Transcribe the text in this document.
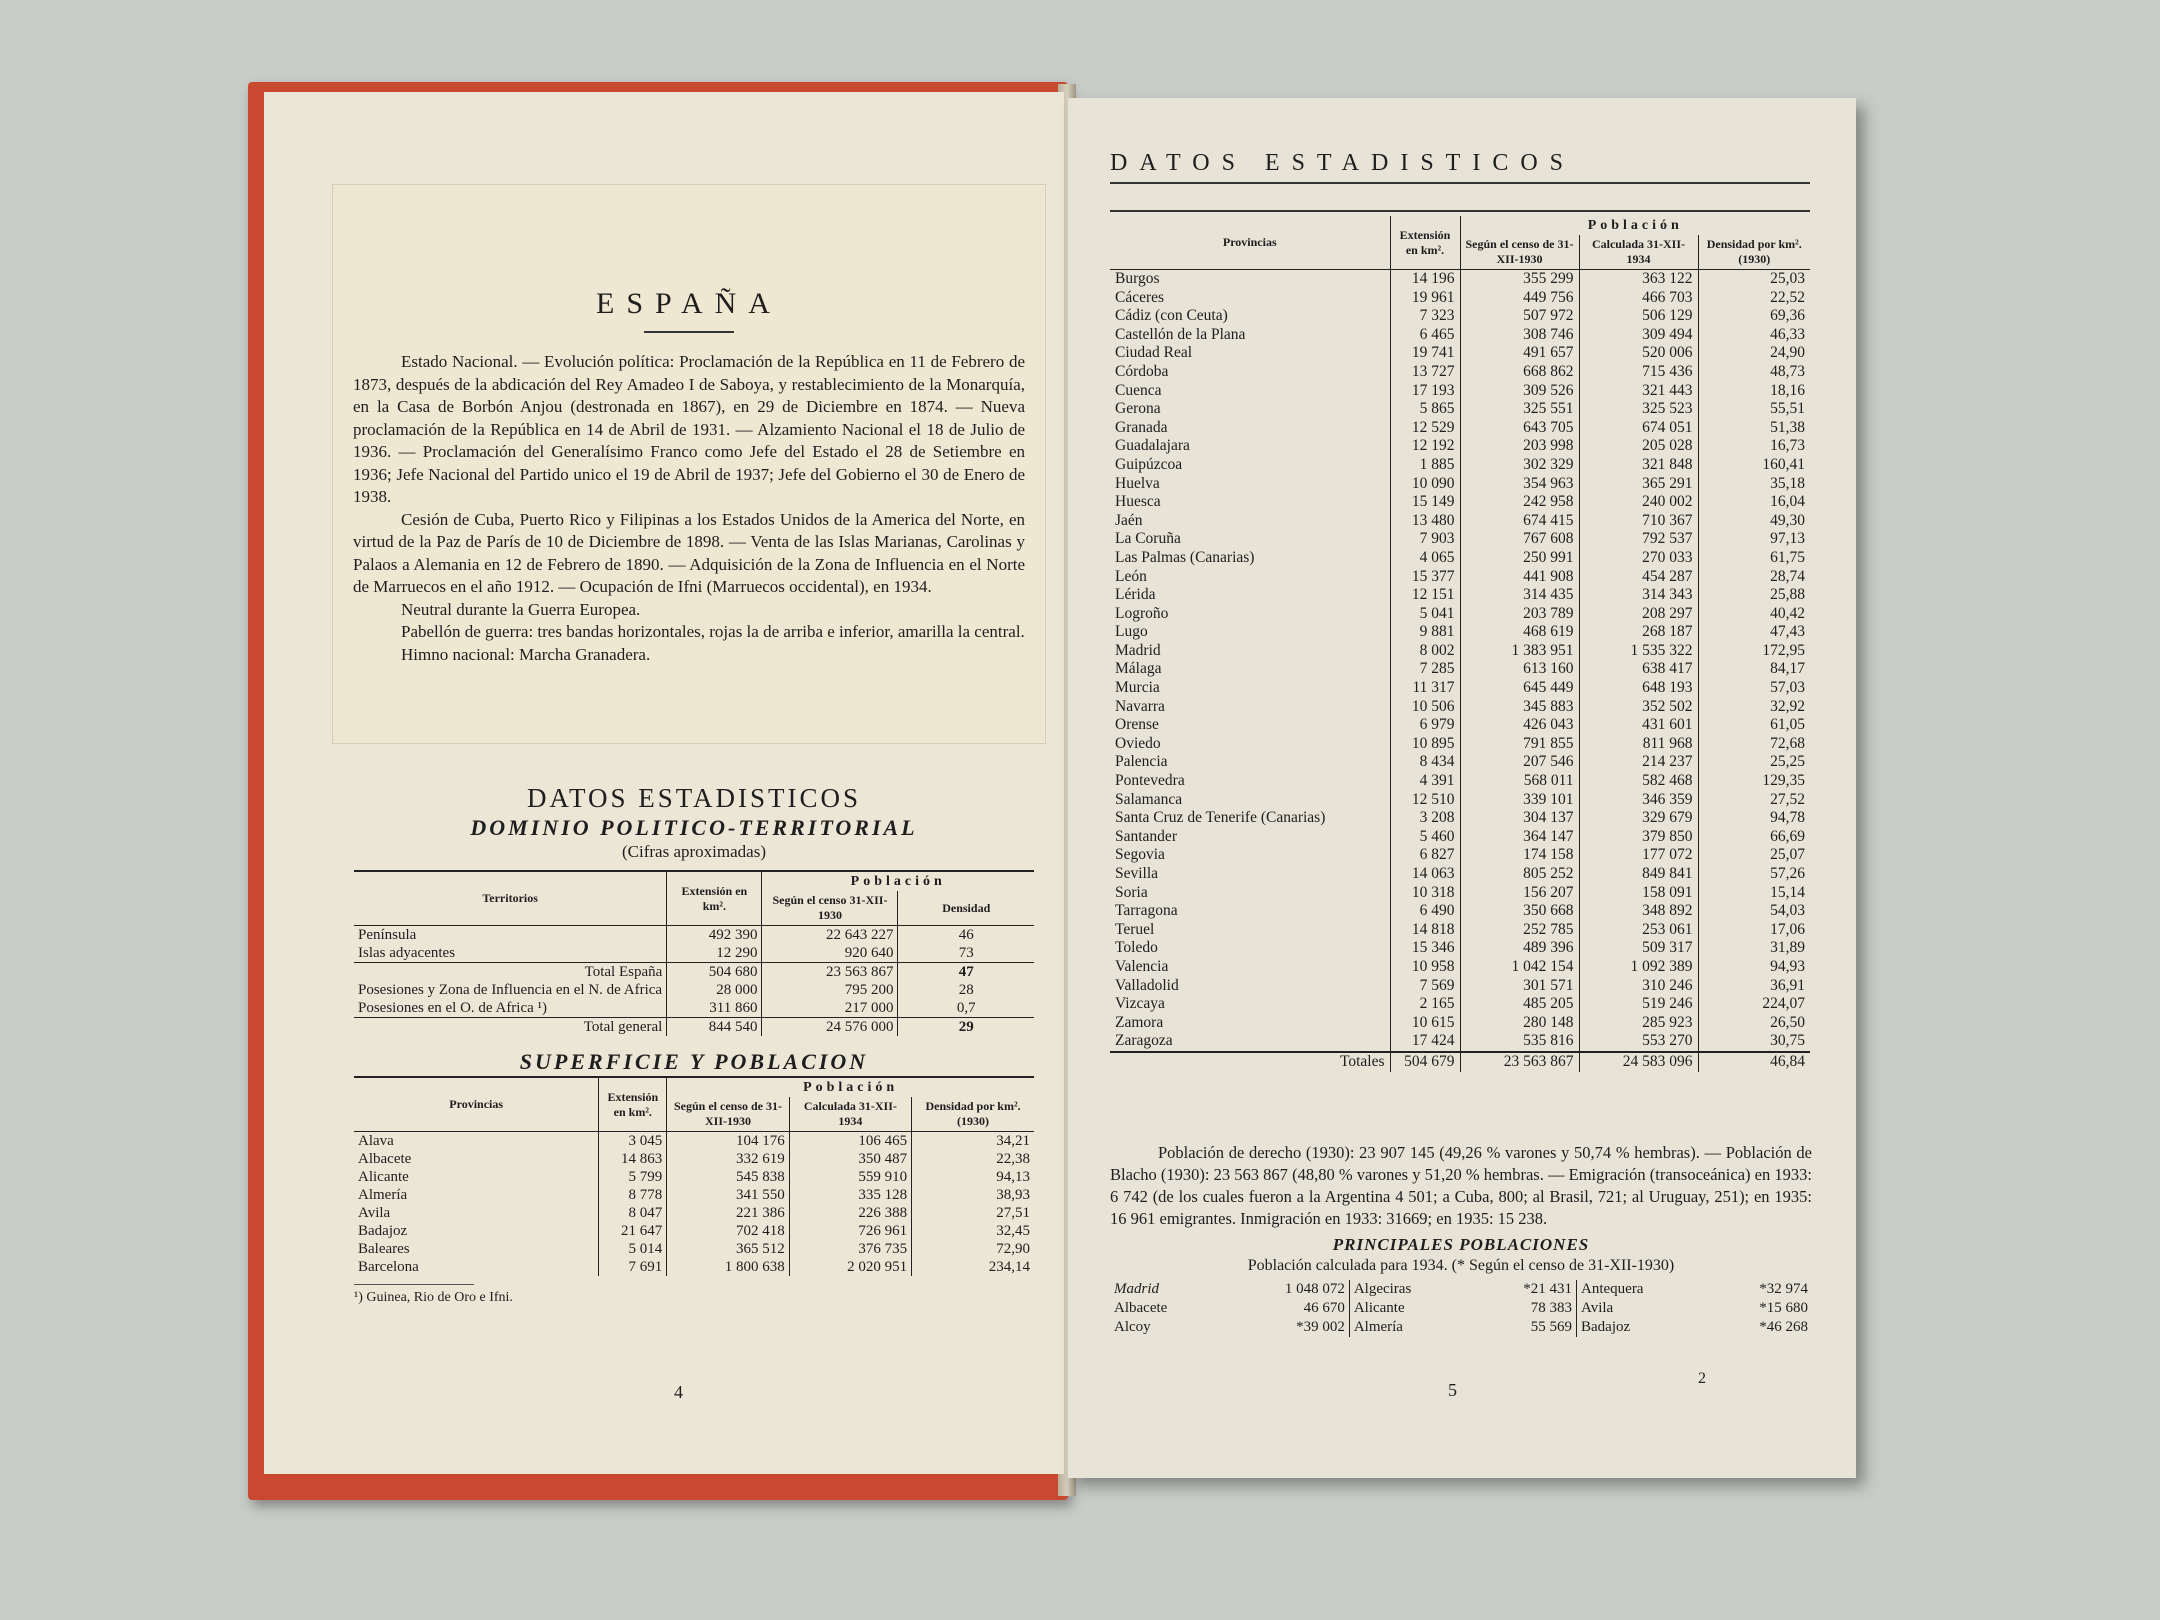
ESPAÑA

Estado Nacional. — Evolución política: Proclamación de la República en 11 de Febrero de 1873, después de la abdicación del Rey Amadeo I de Saboya, y restablecimiento de la Monarquía, en la Casa de Borbón Anjou (destronada en 1867), en 29 de Diciembre en 1874. — Nueva proclamación de la República en 14 de Abril de 1931. — Alzamiento Nacional el 18 de Julio de 1936. — Proclamación del Generalísimo Franco como Jefe del Estado el 28 de Setiembre en 1936; Jefe Nacional del Partido unico el 19 de Abril de 1937; Jefe del Gobierno el 30 de Enero de 1938.

Cesión de Cuba, Puerto Rico y Filipinas a los Estados Unidos de la America del Norte, en virtud de la Paz de París de 10 de Diciembre de 1898. — Venta de las Islas Marianas, Carolinas y Palaos a Alemania en 12 de Febrero de 1890. — Adquisición de la Zona de Influencia en el Norte de Marruecos en el año 1912. — Ocupación de Ifni (Marruecos occidental), en 1934.

Neutral durante la Guerra Europea.

Pabellón de guerra: tres bandas horizontales, rojas la de arriba e inferior, amarilla la central.

Himno nacional: Marcha Granadera.

DATOS ESTADISTICOS
DOMINIO POLITICO-TERRITORIAL
(Cifras aproximadas)
Territorios	Extensión en km².	Población	
		Según el censo 31-XII-1930	Densidad
Península	492 390	22 643 227	46
Islas adyacentes	12 290	920 640	73
Total España	504 680	23 563 867	47
Posesiones y Zona de Influencia en el N. de Africa	28 000	795 200	28
Posesiones en el O. de Africa ¹)	311 860	217 000	0,7
Total general	844 540	24 576 000	29
SUPERFICIE Y POBLACION
Provincias	Extensión en km².	Población		
		Según el censo de 31-XII-1930	Calculada 31-XII-1934	Densidad por km². (1930)
Alava	3 045	104 176	106 465	34,21
Albacete	14 863	332 619	350 487	22,38
Alicante	5 799	545 838	559 910	94,13
Almería	8 778	341 550	335 128	38,93
Avila	8 047	221 386	226 388	27,51
Badajoz	21 647	702 418	726 961	32,45
Baleares	5 014	365 512	376 735	72,90
Barcelona	7 691	1 800 638	2 020 951	234,14
¹) Guinea, Rio de Oro e Ifni.
4
DATOS ESTADISTICOS
Provincias	Extensión en km².	Población		
		Según el censo de 31-XII-1930	Calculada 31-XII-1934	Densidad por km². (1930)
Burgos	14 196	355 299	363 122	25,03
Cáceres	19 961	449 756	466 703	22,52
Cádiz (con Ceuta)	7 323	507 972	506 129	69,36
Castellón de la Plana	6 465	308 746	309 494	46,33
Ciudad Real	19 741	491 657	520 006	24,90
Córdoba	13 727	668 862	715 436	48,73
Cuenca	17 193	309 526	321 443	18,16
Gerona	5 865	325 551	325 523	55,51
Granada	12 529	643 705	674 051	51,38
Guadalajara	12 192	203 998	205 028	16,73
Guipúzcoa	1 885	302 329	321 848	160,41
Huelva	10 090	354 963	365 291	35,18
Huesca	15 149	242 958	240 002	16,04
Jaén	13 480	674 415	710 367	49,30
La Coruña	7 903	767 608	792 537	97,13
Las Palmas (Canarias)	4 065	250 991	270 033	61,75
León	15 377	441 908	454 287	28,74
Lérida	12 151	314 435	314 343	25,88
Logroño	5 041	203 789	208 297	40,42
Lugo	9 881	468 619	268 187	47,43
Madrid	8 002	1 383 951	1 535 322	172,95
Málaga	7 285	613 160	638 417	84,17
Murcia	11 317	645 449	648 193	57,03
Navarra	10 506	345 883	352 502	32,92
Orense	6 979	426 043	431 601	61,05
Oviedo	10 895	791 855	811 968	72,68
Palencia	8 434	207 546	214 237	25,25
Pontevedra	4 391	568 011	582 468	129,35
Salamanca	12 510	339 101	346 359	27,52
Santa Cruz de Tenerife (Canarias)	3 208	304 137	329 679	94,78
Santander	5 460	364 147	379 850	66,69
Segovia	6 827	174 158	177 072	25,07
Sevilla	14 063	805 252	849 841	57,26
Soria	10 318	156 207	158 091	15,14
Tarragona	6 490	350 668	348 892	54,03
Teruel	14 818	252 785	253 061	17,06
Toledo	15 346	489 396	509 317	31,89
Valencia	10 958	1 042 154	1 092 389	94,93
Valladolid	7 569	301 571	310 246	36,91
Vizcaya	2 165	485 205	519 246	224,07
Zamora	10 615	280 148	285 923	26,50
Zaragoza	17 424	535 816	553 270	30,75
Totales	504 679	23 563 867	24 583 096	46,84

Población de derecho (1930): 23 907 145 (49,26 % varones y 50,74 % hembras). — Población de Blacho (1930): 23 563 867 (48,80 % varones y 51,20 % hembras. — Emigración (transoceánica) en 1933: 6 742 (de los cuales fueron a la Argentina 4 501; a Cuba, 800; al Brasil, 721; al Uruguay, 251); en 1935: 16 961 emigrantes. Inmigración en 1933: 31669; en 1935: 15 238.

PRINCIPALES POBLACIONES
Población calculada para 1934. (* Según el censo de 31-XII-1930)
Madrid	1 048 072	Algeciras	*21 431	Antequera	*32 974
Albacete	46 670	Alicante	78 383	Avila	*15 680
Alcoy	*39 002	Almería	55 569	Badajoz	*46 268
5
2
